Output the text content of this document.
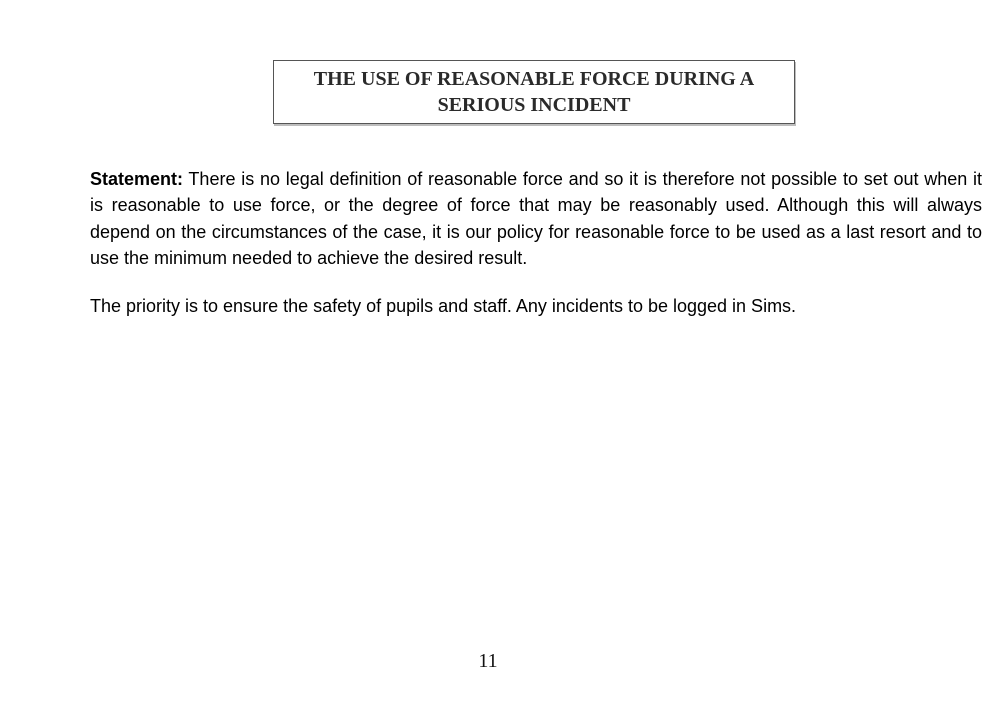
THE USE OF REASONABLE FORCE DURING A
SERIOUS INCIDENT

Statement: There is no legal definition of reasonable force and so it is therefore not possible to set out when it is reasonable to use force, or the degree of force that may be reasonably used. Although this will always depend on the circumstances of the case, it is our policy for reasonable force to be used as a last resort and to use the minimum needed to achieve the desired result.

The priority is to ensure the safety of pupils and staff. Any incidents to be logged in Sims.

11
